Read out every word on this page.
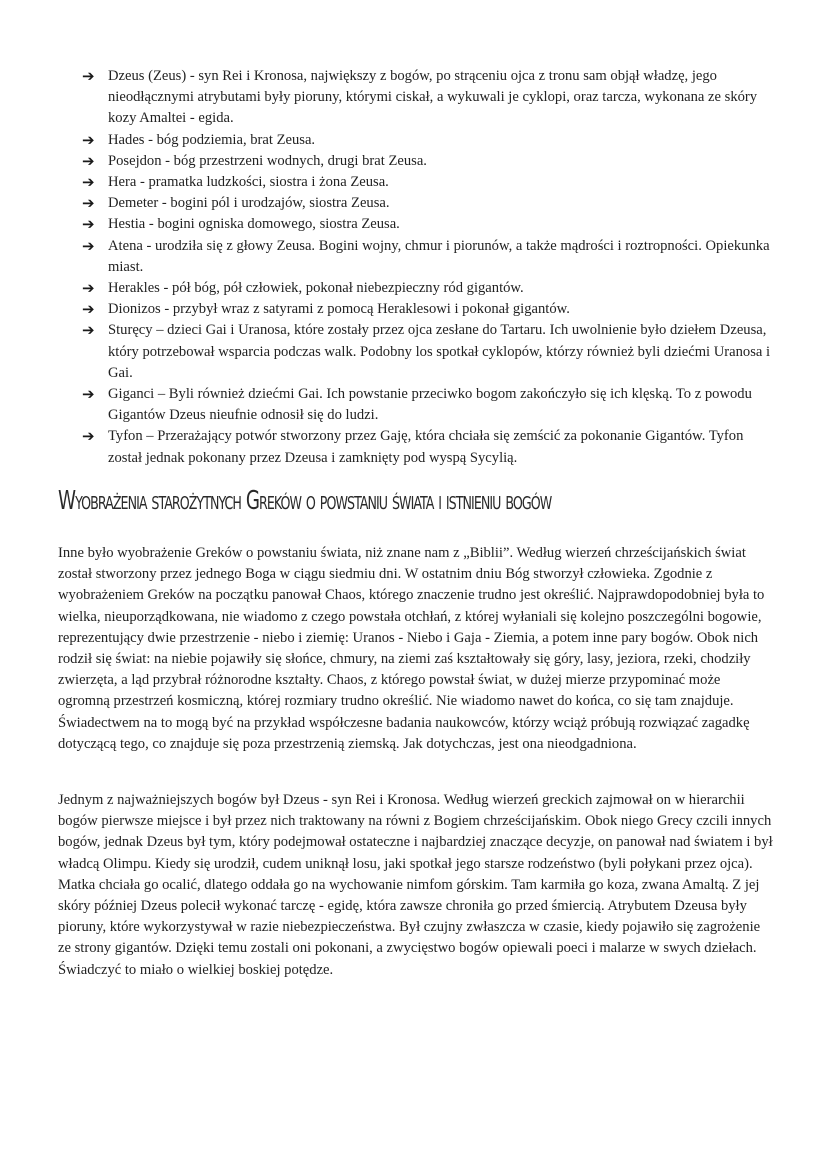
➔ Dzeus (Zeus) - syn Rei i Kronosa, największy z bogów, po strąceniu ojca z tronu sam objął władzę, jego nieodłącznymi atrybutami były pioruny, którymi ciskał, a wykuwali je cyklopi, oraz tarcza, wykonana ze skóry kozy Amaltei - egida.
➔ Hades - bóg podziemia, brat Zeusa.
➔ Posejdon - bóg przestrzeni wodnych, drugi brat Zeusa.
➔ Hera - pramatka ludzkości, siostra i żona Zeusa.
➔ Demeter - bogini pól i urodzajów, siostra Zeusa.
➔ Hestia - bogini ogniska domowego, siostra Zeusa.
➔ Atena - urodziła się z głowy Zeusa. Bogini wojny, chmur i piorunów, a także mądrości i roztropności. Opiekunka miast.
➔ Herakles - pół bóg, pół człowiek, pokonał niebezpieczny ród gigantów.
➔ Dionizos - przybył wraz z satyrami z pomocą Heraklesowi i pokonał gigantów.
➔ Sturęcy – dzieci Gai i Uranosa, które zostały przez ojca zesłane do Tartaru. Ich uwolnienie było dziełem Dzeusa, który potrzebował wsparcia podczas walk. Podobny los spotkał cyklopów, którzy również byli dziećmi Uranosa i Gai.
➔ Giganci – Byli również dziećmi Gai. Ich powstanie przeciwko bogom zakończyło się ich klęską. To z powodu Gigantów Dzeus nieufnie odnosił się do ludzi.
➔ Tyfon – Przerażający potwór stworzony przez Gaję, która chciała się zemścić za pokonanie Gigantów. Tyfon został jednak pokonany przez Dzeusa i zamknięty pod wyspą Sycylią.
Wyobrażenia starożytnych Greków o powstaniu świata i istnieniu bogów

Inne było wyobrażenie Greków o powstaniu świata, niż znane nam z „Biblii”. Według wierzeń chrześcijańskich świat został stworzony przez jednego Boga w ciągu siedmiu dni. W ostatnim dniu Bóg stworzył człowieka. Zgodnie z wyobrażeniem Greków na początku panował Chaos, którego znaczenie trudno jest określić. Najprawdopodobniej była to wielka, nieuporządkowana, nie wiadomo z czego powstała otchłań, z której wyłaniali się kolejno poszczególni bogowie, reprezentujący dwie przestrzenie - niebo i ziemię: Uranos - Niebo i Gaja - Ziemia, a potem inne pary bogów. Obok nich rodził się świat: na niebie pojawiły się słońce, chmury, na ziemi zaś kształtowały się góry, lasy, jeziora, rzeki, chodziły zwierzęta, a ląd przybrał różnorodne kształty. Chaos, z którego powstał świat, w dużej mierze przypominać może ogromną przestrzeń kosmiczną, której rozmiary trudno określić. Nie wiadomo nawet do końca, co się tam znajduje. Świadectwem na to mogą być na przykład współczesne badania naukowców, którzy wciąż próbują rozwiązać zagadkę dotyczącą tego, co znajduje się poza przestrzenią ziemską. Jak dotychczas, jest ona nieodgadniona.

Jednym z najważniejszych bogów był Dzeus - syn Rei i Kronosa. Według wierzeń greckich zajmował on w hierarchii bogów pierwsze miejsce i był przez nich traktowany na równi z Bogiem chrześcijańskim. Obok niego Grecy czcili innych bogów, jednak Dzeus był tym, który podejmował ostateczne i najbardziej znaczące decyzje, on panował nad światem i był władcą Olimpu. Kiedy się urodził, cudem uniknął losu, jaki spotkał jego starsze rodzeństwo (byli połykani przez ojca). Matka chciała go ocalić, dlatego oddała go na wychowanie nimfom górskim. Tam karmiła go koza, zwana Amaltą. Z jej skóry później Dzeus polecił wykonać tarczę - egidę, która zawsze chroniła go przed śmiercią. Atrybutem Dzeusa były pioruny, które wykorzystywał w razie niebezpieczeństwa. Był czujny zwłaszcza w czasie, kiedy pojawiło się zagrożenie ze strony gigantów. Dzięki temu zostali oni pokonani, a zwycięstwo bogów opiewali poeci i malarze w swych dziełach. Świadczyć to miało o wielkiej boskiej potędze.
